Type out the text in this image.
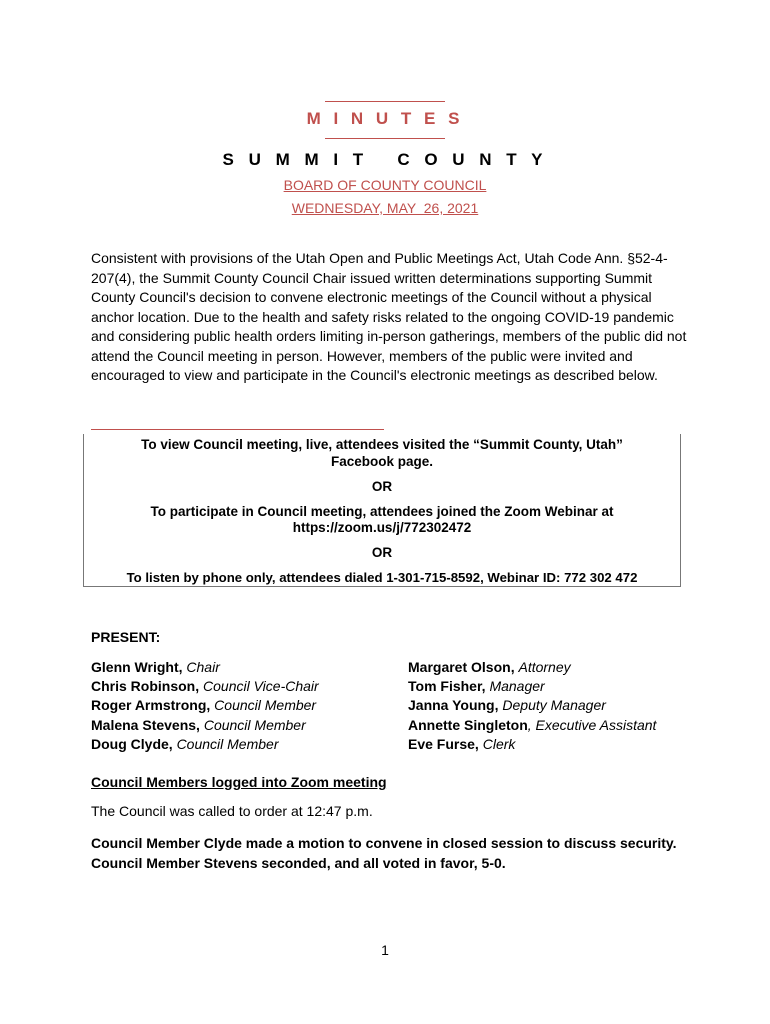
M I N U T E S
S U M M I T   C O U N T Y
BOARD OF COUNTY COUNCIL
WEDNESDAY, MAY  26, 2021

Consistent with provisions of the Utah Open and Public Meetings Act, Utah Code Ann. §52-4-207(4), the Summit County Council Chair issued written determinations supporting Summit County Council's decision to convene electronic meetings of the Council without a physical anchor location. Due to the health and safety risks related to the ongoing COVID-19 pandemic and considering public health orders limiting in-person gatherings, members of the public did not attend the Council meeting in person. However, members of the public were invited and encouraged to view and participate in the Council's electronic meetings as described below.

To view Council meeting, live, attendees visited the “Summit County, Utah”

Facebook page.

OR

To participate in Council meeting, attendees joined the Zoom Webinar at

https://zoom.us/j/772302472

OR

To listen by phone only, attendees dialed 1-301-715-8592, Webinar ID: 772 302 472

PRESENT:

Glenn Wright, Chair
Chris Robinson, Council Vice-Chair
Roger Armstrong, Council Member
Malena Stevens, Council Member
Doug Clyde, Council Member
Margaret Olson, Attorney
Tom Fisher, Manager
Janna Young, Deputy Manager
Annette Singleton, Executive Assistant
Eve Furse, Clerk

Council Members logged into Zoom meeting

The Council was called to order at 12:47 p.m.

Council Member Clyde made a motion to convene in closed session to discuss security. Council Member Stevens seconded, and all voted in favor, 5-0.

1
